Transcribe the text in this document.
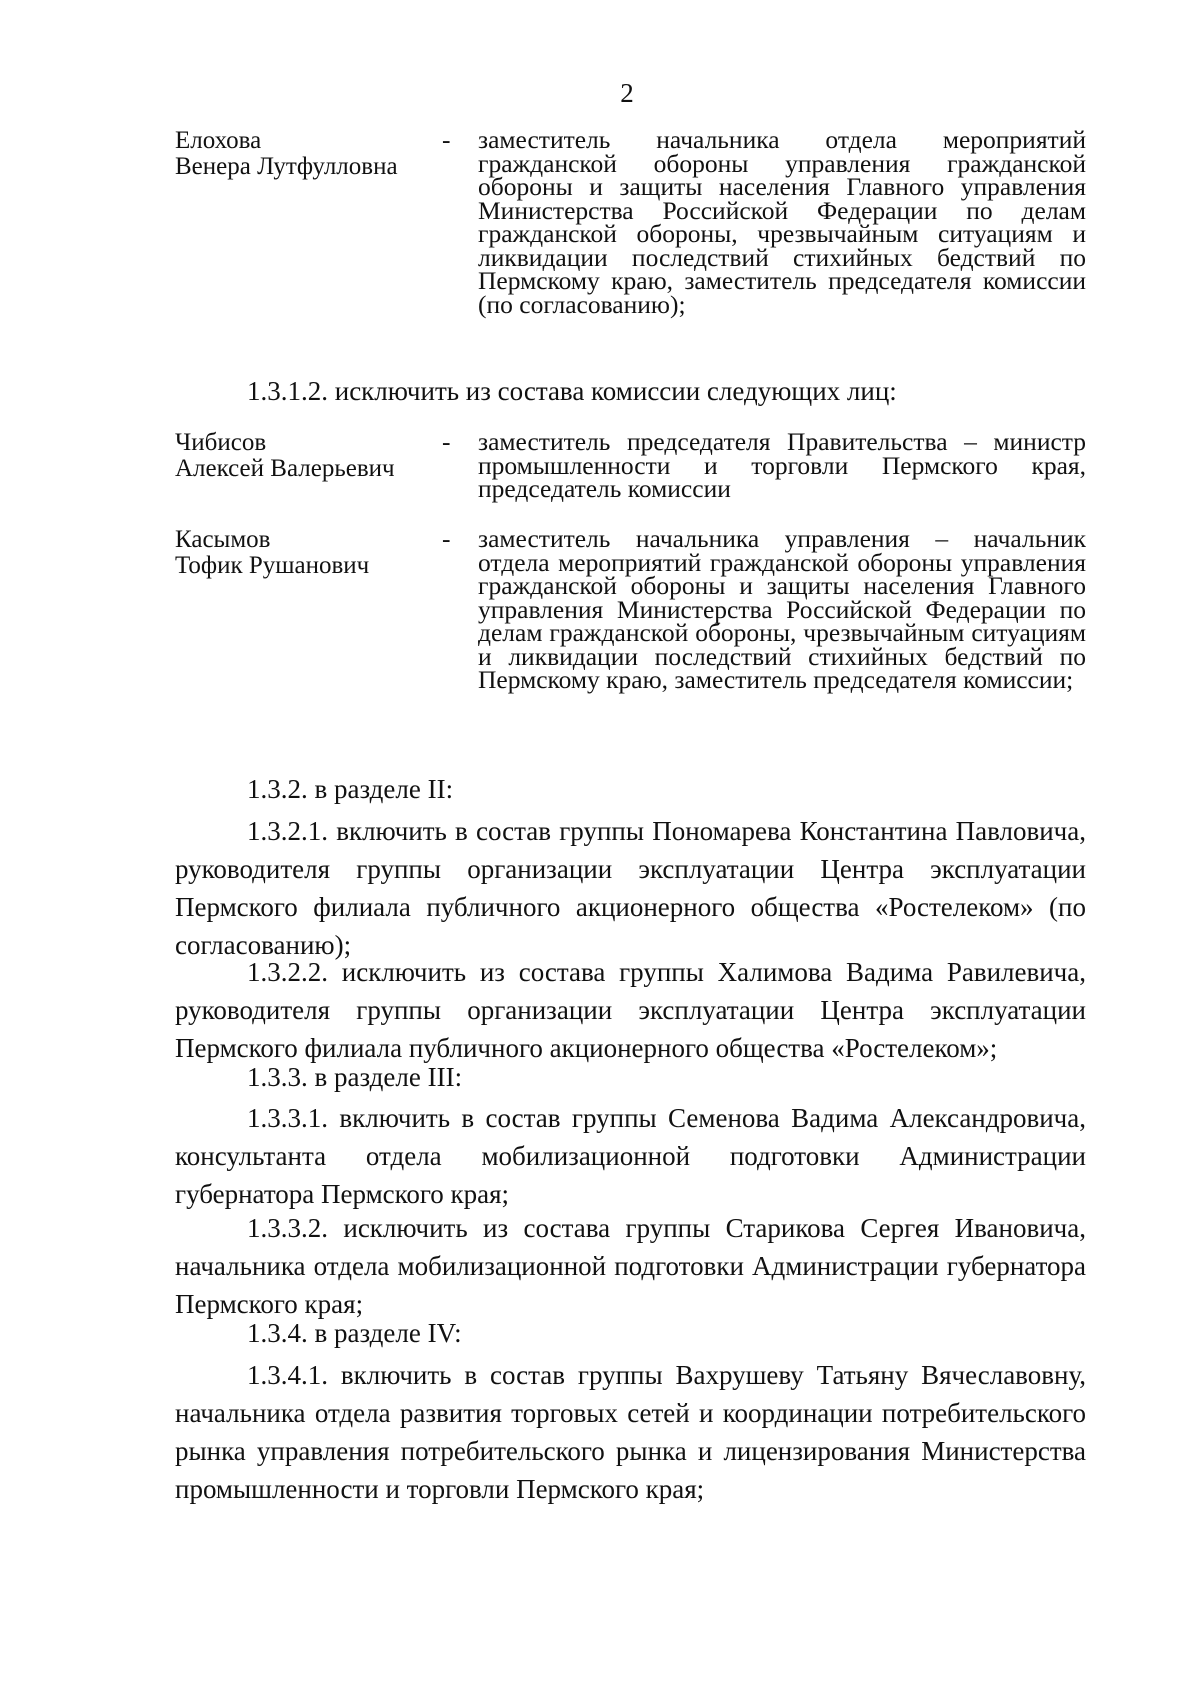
2
Елохова
Венера Лутфулловна
- заместитель начальника отдела мероприятий гражданской обороны управления гражданской обороны и защиты населения Главного управления Министерства Российской Федерации по делам гражданской обороны, чрезвычайным ситуациям и ликвидации последствий стихийных бедствий по Пермскому краю, заместитель председателя комиссии (по согласованию);
1.3.1.2. исключить из состава комиссии следующих лиц:
Чибисов
Алексей Валерьевич
- заместитель председателя Правительства – министр промышленности и торговли Пермского края, председатель комиссии
Касымов
Тофик Рушанович
- заместитель начальника управления – начальник отдела мероприятий гражданской обороны управления гражданской обороны и защиты населения Главного управления Министерства Российской Федерации по делам гражданской обороны, чрезвычайным ситуациям и ликвидации последствий стихийных бедствий по Пермскому краю, заместитель председателя комиссии;
1.3.2. в разделе II:
1.3.2.1. включить в состав группы Пономарева Константина Павловича, руководителя группы организации эксплуатации Центра эксплуатации Пермского филиала публичного акционерного общества «Ростелеком» (по согласованию);
1.3.2.2. исключить из состава группы Халимова Вадима Равилевича, руководителя группы организации эксплуатации Центра эксплуатации Пермского филиала публичного акционерного общества «Ростелеком»;
1.3.3. в разделе III:
1.3.3.1. включить в состав группы Семенова Вадима Александровича, консультанта отдела мобилизационной подготовки Администрации губернатора Пермского края;
1.3.3.2. исключить из состава группы Старикова Сергея Ивановича, начальника отдела мобилизационной подготовки Администрации губернатора Пермского края;
1.3.4. в разделе IV:
1.3.4.1. включить в состав группы Вахрушеву Татьяну Вячеславовну, начальника отдела развития торговых сетей и координации потребительского рынка управления потребительского рынка и лицензирования Министерства промышленности и торговли Пермского края;
